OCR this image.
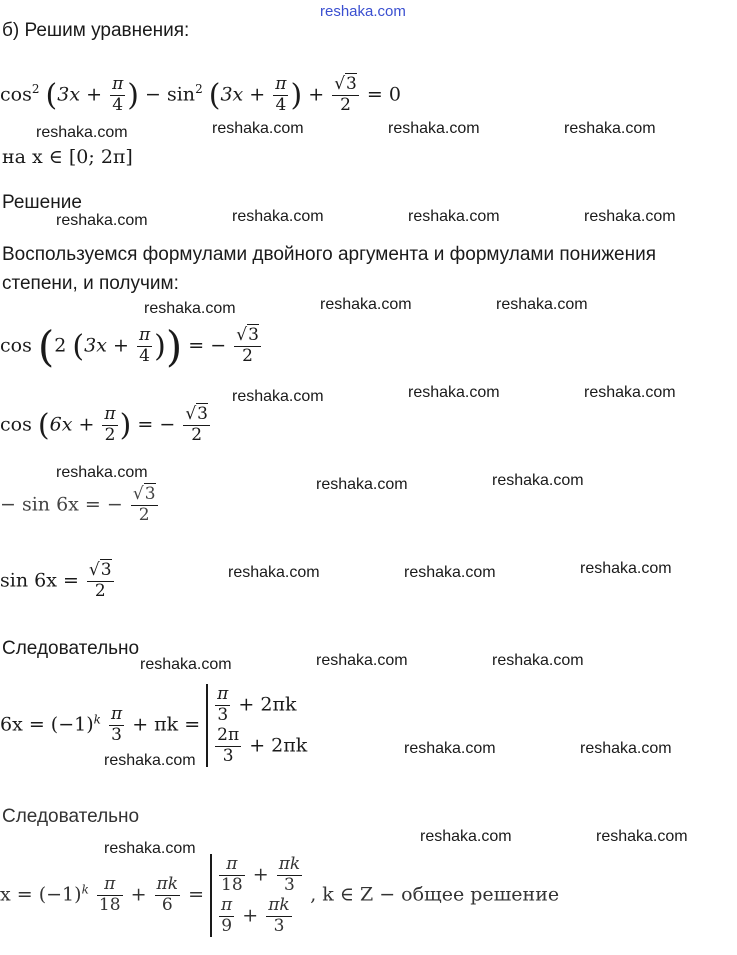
reshaka.com
reshaka.com	reshaka.com	reshaka.com	reshaka.com
reshaka.com	reshaka.com	reshaka.com	reshaka.com
reshaka.com	reshaka.com	reshaka.com
reshaka.com	reshaka.com	reshaka.com
reshaka.com
reshaka.com	reshaka.com
reshaka.com	reshaka.com	reshaka.com
reshaka.com	reshaka.com	reshaka.com
reshaka.com
reshaka.com	reshaka.com
reshaka.com	reshaka.com
reshaka.com
б) Решим уравнения:
$\cos^2 (3x + \frac{\pi}{4}$ ) − $\sin^2 (3x + \frac{\pi}{4}$ ) + $\frac{√3}{2} = 0$
на x ∈ [0; 2π]
Решение
Воспользуемся формулами двойного аргумента и формулами понижения степени, и получим:
cos (2 ($3x + \frac{\pi}{4}$ )) = − $\frac{√3}{2}$
$\cos (6x + \frac{\pi}{2}$ ) = − $\frac{√3}{2}$
− sin 6x = − $\frac{√3}{2}$
$\sin 6x = \frac{√3}{2}$
Следовательно
$6x = (-1)^k \frac{\pi}{3} + \pi k = \frac{\pi}{3} + 2\pi k$
$\frac{2\pi}{3} + 2\pi k$
Следовательно
$x = (-1)^k \frac{\pi}{18} + \frac{\pi k}{6} = \frac{\pi}{18} + \frac{\pi k}{3}$
$\frac{\pi}{9} + \frac{\pi k}{3}$
, k ∈ Z − общее решение
